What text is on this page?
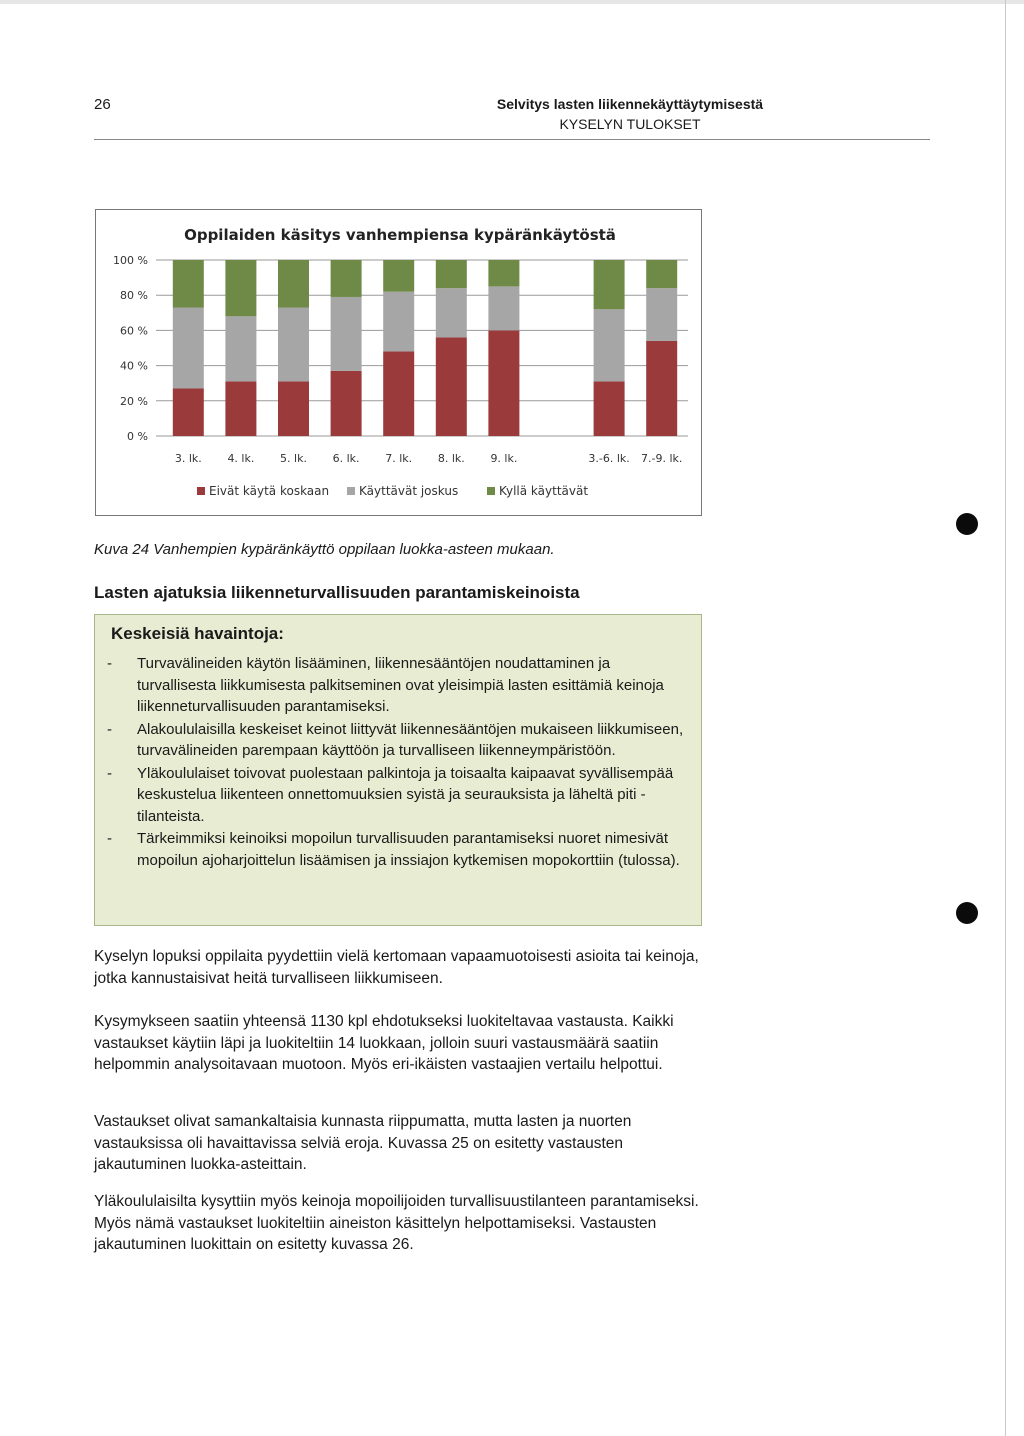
26	Selvitys lasten liikennekäyttäytymisestä
KYSELYN TULOKSET
Oppilaiden käsitys vanhempiensa kypäränkäytöstä
0 %
20 %
40 %
60 %
80 %
100 %
3. lk. 4. lk. 5. lk. 6. lk. 7. lk. 8. lk. 9. lk.	3.-6. lk. 7.-9. lk.
Eivät käytä koskaan Käyttävät joskus	Kyllä käyttävät
Kuva 24 Vanhempien kypäränkäyttö oppilaan luokka-asteen mukaan.
Lasten ajatuksia liikenneturvallisuuden parantamiskeinoista
Keskeisiä havaintoja:
- Turvavälineiden käytön lisääminen, liikennesääntöjen noudattaminen ja turvallisesta liikkumisesta palkitseminen ovat yleisimpiä lasten esittämiä keinoja liikenneturvallisuuden parantamiseksi.
- Alakoululaisilla keskeiset keinot liittyvät liikennesääntöjen mukaiseen liikkumiseen, turvavälineiden parempaan käyttöön ja turvalliseen liikenneympäristöön.
- Yläkoululaiset toivovat puolestaan palkintoja ja toisaalta kaipaavat syvällisempää keskustelua liikenteen onnettomuuksien syistä ja seurauksista ja läheltä piti -tilanteista.
- Tärkeimmiksi keinoiksi mopoilun turvallisuuden parantamiseksi nuoret nimesivät mopoilun ajoharjoittelun lisäämisen ja inssiajon kytkemisen mopokorttiin (tulossa).

Kyselyn lopuksi oppilaita pyydettiin vielä kertomaan vapaamuotoisesti asioita tai keinoja, jotka kannustaisivat heitä turvalliseen liikkumiseen.

Kysymykseen saatiin yhteensä 1130 kpl ehdotukseksi luokiteltavaa vastausta. Kaikki vastaukset käytiin läpi ja luokiteltiin 14 luokkaan, jolloin suuri vastausmäärä saatiin helpommin analysoitavaan muotoon. Myös eri-ikäisten vastaajien vertailu helpottui.

Vastaukset olivat samankaltaisia kunnasta riippumatta, mutta lasten ja nuorten vastauksissa oli havaittavissa selviä eroja. Kuvassa 25 on esitetty vastausten jakautuminen luokka-asteittain.

Yläkoululaisilta kysyttiin myös keinoja mopoilijoiden turvallisuustilanteen parantamiseksi. Myös nämä vastaukset luokiteltiin aineiston käsittelyn helpottamiseksi. Vastausten jakautuminen luokittain on esitetty kuvassa 26.
